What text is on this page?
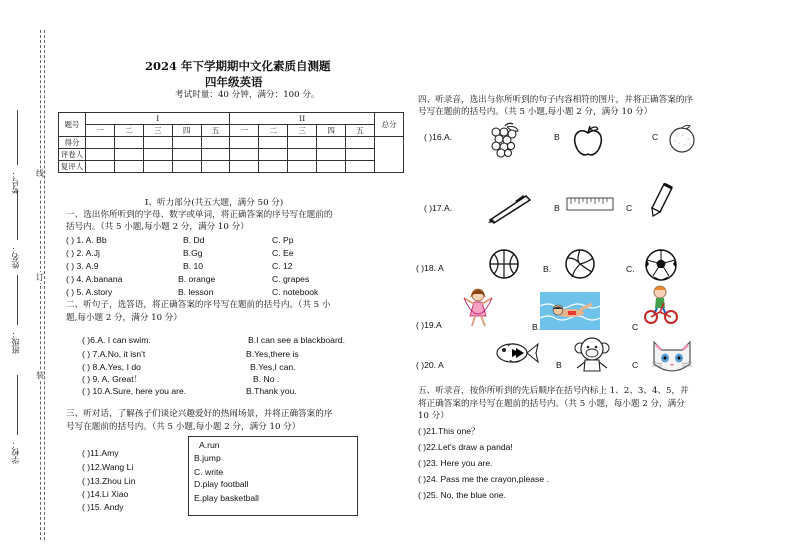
考号：
姓名：
班级：
学校：
线
订
装
2024 年下学期期中文化素质自测题
四年级英语
考试时量：40 分钟，满分：100 分。
题号	I					II					总分
	一	二	三	四	五	一	二	三	四	五	
得分											
评卷人											
复评人											
Ⅰ、听力部分(共五大题，满分 50 分)
一、选出你所听到的字母、数字或单词，将正确答案的序号写在题前的
括号内。（共 5 小题,每小题 2 分，满分 10 分）
( ) 1. A. Bb	B. Dd	C. Pp
( ) 2. A.Jj	B.Gg	C. Ee
( ) 3. A.9	B. 10	C. 12
( ) 4. A.banana	B. orange	C. grapes
( ) 5. A.story	B. lesson	C. notebook
二、听句子，选答语，将正确答案的序号写在题前的括号内。（共 5 小
题,每小题 2 分，满分 10 分）
( )6.A. I can swim.	B.I can see a blackboard.
( ) 7.A.No, it isn't	B.Yes,there is
( ) 8.A.Yes, I do	B.Yes,I can.
( ) 9. A. Great！	B. No .
( ) 10.A.Sure, here you are.	B.Thank you.
三、听对话，了解孩子们谈论兴趣爱好的热闹场景，并将正确答案的序
号写在题前的括号内。（共 5 小题,每小题 2 分，满分 10 分）
( )11.Amy
( )12.Wang Li
( )13.Zhou Lin
( )14.Li Xiao
( )15. Andy
A.run
B.jump
C. write
D.play football
E.play basketball
四、听录音，选出与你所听到的句子内容相符的图片，并将正确答案的序
号写在题前的括号内。（共 5 小题,每小题 2 分，满分 10 分）
( )16.A.	B	C
( )17.A.	B	C
( )18. A	B.	C.
( )19.A	B.	C
( )20. A	B	C
五、听录音，按你所听到的先后顺序在括号内标上 1、2、3、4、5，并
将正确答案的序号写在题前的括号内。（共 5 小题，每小题 2 分，满分
10 分）
( )21.This one？
( )22.Let's draw a panda!
( )23. Here you are.
( )24. Pass me the crayon,please .
( )25. No, the blue one.
